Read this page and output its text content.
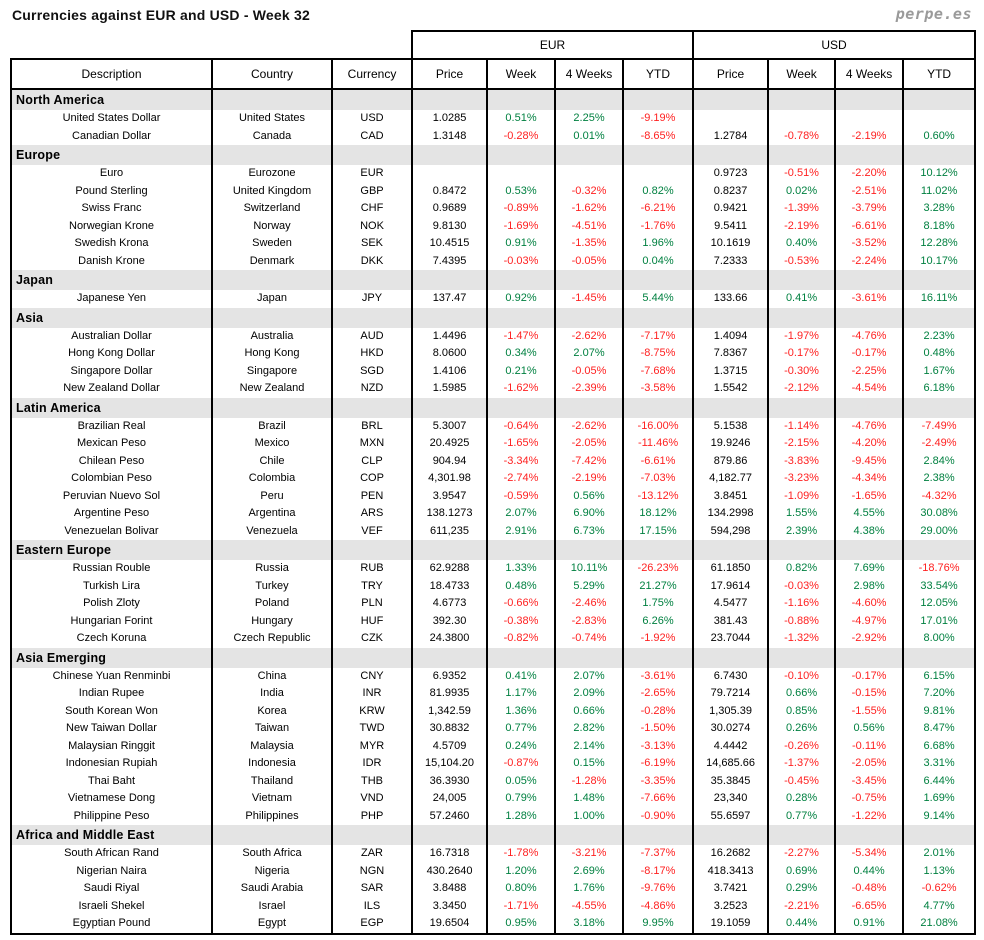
Currencies against EUR and USD - Week 32	perpe.es
			EUR				USD			
Description	Country	Currency	Price	Week	4 Weeks	YTD	Price	Week	4 Weeks	YTD
North America										
United States Dollar	United States	USD	1.0285	0.51%	2.25%	-9.19%				
Canadian Dollar	Canada	CAD	1.3148	-0.28%	0.01%	-8.65%	1.2784	-0.78%	-2.19%	0.60%
Europe										
Euro	Eurozone	EUR					0.9723	-0.51%	-2.20%	10.12%
Pound Sterling	United Kingdom	GBP	0.8472	0.53%	-0.32%	0.82%	0.8237	0.02%	-2.51%	11.02%
Swiss Franc	Switzerland	CHF	0.9689	-0.89%	-1.62%	-6.21%	0.9421	-1.39%	-3.79%	3.28%
Norwegian Krone	Norway	NOK	9.8130	-1.69%	-4.51%	-1.76%	9.5411	-2.19%	-6.61%	8.18%
Swedish Krona	Sweden	SEK	10.4515	0.91%	-1.35%	1.96%	10.1619	0.40%	-3.52%	12.28%
Danish Krone	Denmark	DKK	7.4395	-0.03%	-0.05%	0.04%	7.2333	-0.53%	-2.24%	10.17%
Japan										
Japanese Yen	Japan	JPY	137.47	0.92%	-1.45%	5.44%	133.66	0.41%	-3.61%	16.11%
Asia										
Australian Dollar	Australia	AUD	1.4496	-1.47%	-2.62%	-7.17%	1.4094	-1.97%	-4.76%	2.23%
Hong Kong Dollar	Hong Kong	HKD	8.0600	0.34%	2.07%	-8.75%	7.8367	-0.17%	-0.17%	0.48%
Singapore Dollar	Singapore	SGD	1.4106	0.21%	-0.05%	-7.68%	1.3715	-0.30%	-2.25%	1.67%
New Zealand Dollar	New Zealand	NZD	1.5985	-1.62%	-2.39%	-3.58%	1.5542	-2.12%	-4.54%	6.18%
Latin America										
Brazilian Real	Brazil	BRL	5.3007	-0.64%	-2.62%	-16.00%	5.1538	-1.14%	-4.76%	-7.49%
Mexican Peso	Mexico	MXN	20.4925	-1.65%	-2.05%	-11.46%	19.9246	-2.15%	-4.20%	-2.49%
Chilean Peso	Chile	CLP	904.94	-3.34%	-7.42%	-6.61%	879.86	-3.83%	-9.45%	2.84%
Colombian Peso	Colombia	COP	4,301.98	-2.74%	-2.19%	-7.03%	4,182.77	-3.23%	-4.34%	2.38%
Peruvian Nuevo Sol	Peru	PEN	3.9547	-0.59%	0.56%	-13.12%	3.8451	-1.09%	-1.65%	-4.32%
Argentine Peso	Argentina	ARS	138.1273	2.07%	6.90%	18.12%	134.2998	1.55%	4.55%	30.08%
Venezuelan Bolivar	Venezuela	VEF	611,235	2.91%	6.73%	17.15%	594,298	2.39%	4.38%	29.00%
Eastern Europe										
Russian Rouble	Russia	RUB	62.9288	1.33%	10.11%	-26.23%	61.1850	0.82%	7.69%	-18.76%
Turkish Lira	Turkey	TRY	18.4733	0.48%	5.29%	21.27%	17.9614	-0.03%	2.98%	33.54%
Polish Zloty	Poland	PLN	4.6773	-0.66%	-2.46%	1.75%	4.5477	-1.16%	-4.60%	12.05%
Hungarian Forint	Hungary	HUF	392.30	-0.38%	-2.83%	6.26%	381.43	-0.88%	-4.97%	17.01%
Czech Koruna	Czech Republic	CZK	24.3800	-0.82%	-0.74%	-1.92%	23.7044	-1.32%	-2.92%	8.00%
Asia Emerging										
Chinese Yuan Renminbi	China	CNY	6.9352	0.41%	2.07%	-3.61%	6.7430	-0.10%	-0.17%	6.15%
Indian Rupee	India	INR	81.9935	1.17%	2.09%	-2.65%	79.7214	0.66%	-0.15%	7.20%
South Korean Won	Korea	KRW	1,342.59	1.36%	0.66%	-0.28%	1,305.39	0.85%	-1.55%	9.81%
New Taiwan Dollar	Taiwan	TWD	30.8832	0.77%	2.82%	-1.50%	30.0274	0.26%	0.56%	8.47%
Malaysian Ringgit	Malaysia	MYR	4.5709	0.24%	2.14%	-3.13%	4.4442	-0.26%	-0.11%	6.68%
Indonesian Rupiah	Indonesia	IDR	15,104.20	-0.87%	0.15%	-6.19%	14,685.66	-1.37%	-2.05%	3.31%
Thai Baht	Thailand	THB	36.3930	0.05%	-1.28%	-3.35%	35.3845	-0.45%	-3.45%	6.44%
Vietnamese Dong	Vietnam	VND	24,005	0.79%	1.48%	-7.66%	23,340	0.28%	-0.75%	1.69%
Philippine Peso	Philippines	PHP	57.2460	1.28%	1.00%	-0.90%	55.6597	0.77%	-1.22%	9.14%
Africa and Middle East										
South African Rand	South Africa	ZAR	16.7318	-1.78%	-3.21%	-7.37%	16.2682	-2.27%	-5.34%	2.01%
Nigerian Naira	Nigeria	NGN	430.2640	1.20%	2.69%	-8.17%	418.3413	0.69%	0.44%	1.13%
Saudi Riyal	Saudi Arabia	SAR	3.8488	0.80%	1.76%	-9.76%	3.7421	0.29%	-0.48%	-0.62%
Israeli Shekel	Israel	ILS	3.3450	-1.71%	-4.55%	-4.86%	3.2523	-2.21%	-6.65%	4.77%
Egyptian Pound	Egypt	EGP	19.6504	0.95%	3.18%	9.95%	19.1059	0.44%	0.91%	21.08%
